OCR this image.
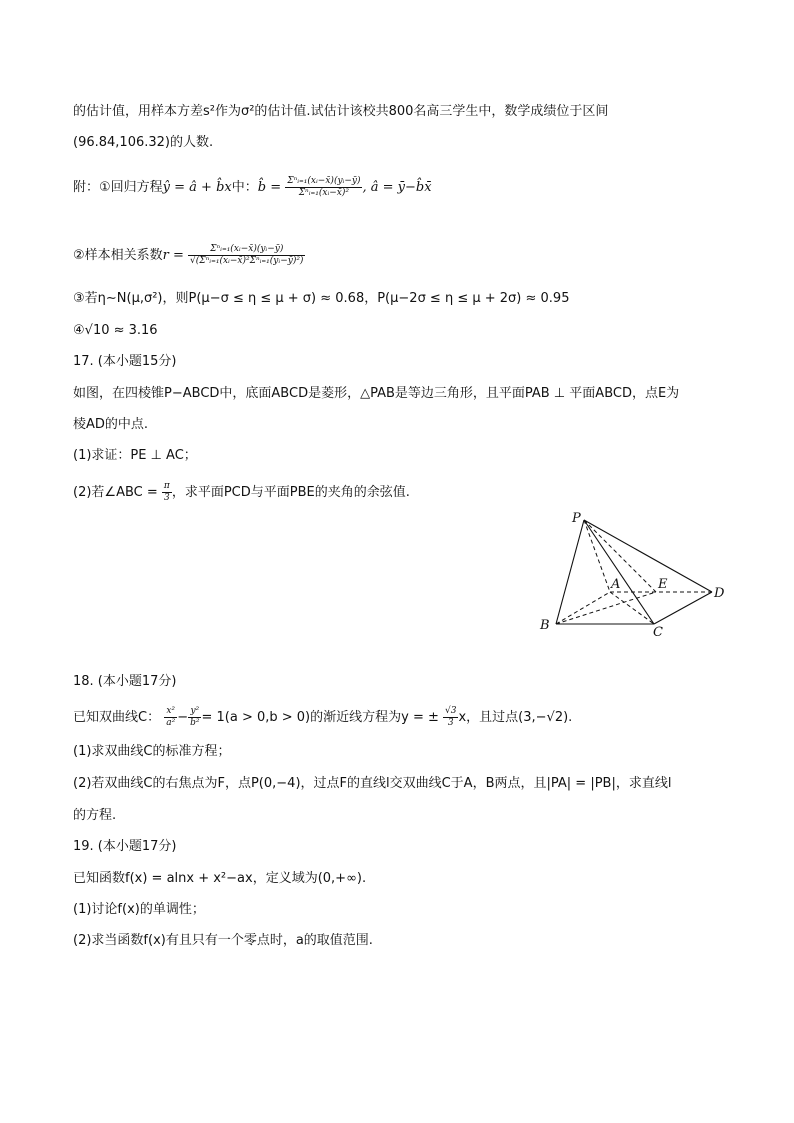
的估计值，用样本方差s²作为σ²的估计值.试估计该校共800名高三学生中，数学成绩位于区间
(96.84,106.32)的人数.
附：①回归方程ŷ = â + b̂x中：b̂ = $\frac{\text{Σⁿᵢ₌₁(xᵢ−x̄)(yᵢ−ȳ)}}{\text{Σⁿᵢ₌₁(xᵢ−x̄)²}}$ , â = ȳ−b̂x̄
②样本相关系数$r = \frac{\text{Σⁿᵢ₌₁(xᵢ−x̄)(yᵢ−ȳ)}}{\text{√(Σⁿᵢ₌₁(xᵢ−x̄)²Σⁿᵢ₌₁(yᵢ−ȳ)²)}}$
③若η∼N(μ,σ²)，则P(μ−σ ≤ η ≤ μ + σ) ≈ 0.68，P(μ−2σ ≤ η ≤ μ + 2σ) ≈ 0.95
④√10 ≈ 3.16
17. (本小题15分)
如图，在四棱锥P−ABCD中，底面ABCD是菱形，△PAB是等边三角形，且平面PAB ⊥ 平面ABCD，点E为
棱AD的中点.
(1)求证：PE ⊥ AC；
(2)若∠ABC = $\frac{\pi}{3}$ ，求平面PCD与平面PBE的夹角的余弦值.
P
A	E
D
B	C
18. (本小题17分)
已知双曲线C： $\frac{\text{x²}}{\text{a²}} - \frac{\text{y²}}{\text{b²}} = 1(a > 0,b > 0)$的渐近线方程为y = ± $\frac{√3}{3}$ x，且过点(3,−√2).
(1)求双曲线C的标准方程；
(2)若双曲线C的右焦点为F，点P(0,−4)，过点F的直线l交双曲线C于A，B两点，且|PA| = |PB|，求直线l
的方程.
19. (本小题17分)
已知函数f(x) = alnx + x²−ax，定义域为(0,+∞).
(1)讨论f(x)的单调性；
(2)求当函数f(x)有且只有一个零点时，a的取值范围.
